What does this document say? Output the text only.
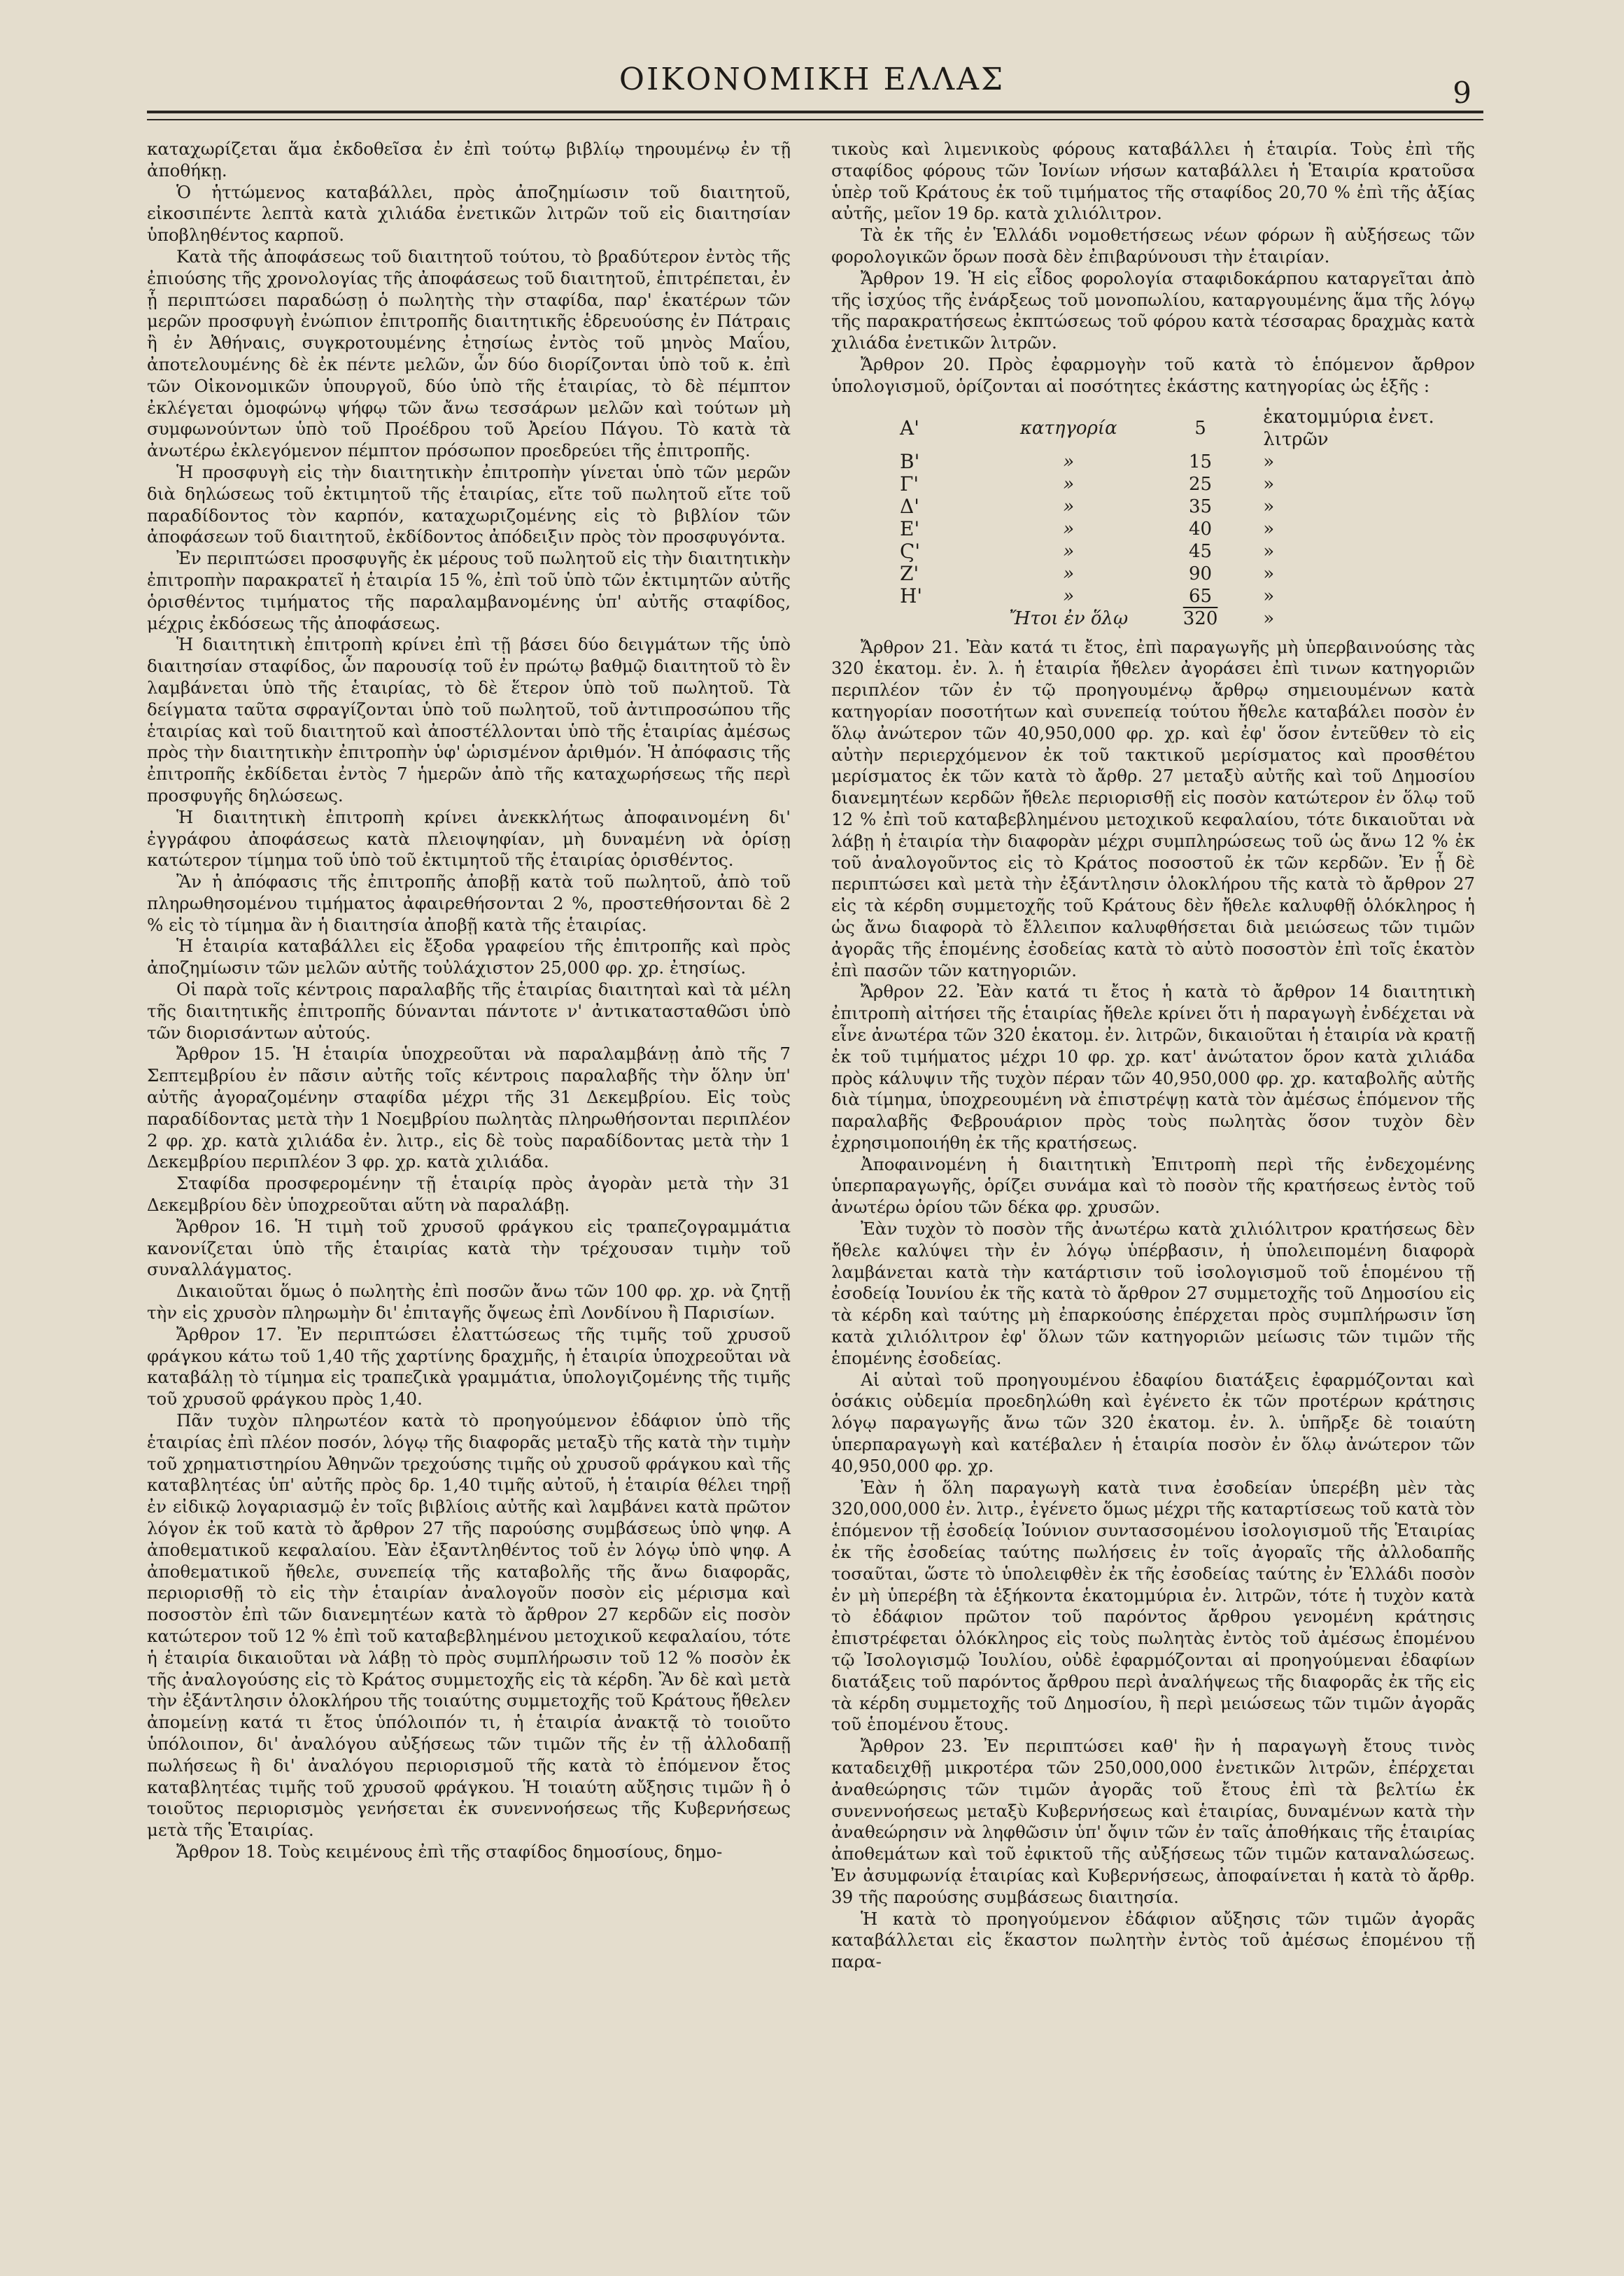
ΟΙΚΟΝΟΜΙΚΗ ΕΛΛΑΣ	9

καταχωρίζεται ἅμα ἐκδοθεῖσα ἐν ἐπὶ τούτῳ βιβλίῳ τηρουμένῳ ἐν τῇ ἀποθήκῃ.

Ὁ ἡττώμενος καταβάλλει, πρὸς ἀποζημίωσιν τοῦ διαιτητοῦ, εἰκοσιπέντε λεπτὰ κατὰ χιλιάδα ἐνετικῶν λιτρῶν τοῦ εἰς διαιτησίαν ὑποβληθέντος καρποῦ.

Κατὰ τῆς ἀποφάσεως τοῦ διαιτητοῦ τούτου, τὸ βραδύτερον ἐντὸς τῆς ἐπιούσης τῆς χρονολογίας τῆς ἀποφάσεως τοῦ διαιτητοῦ, ἐπιτρέπεται, ἐν ᾗ περιπτώσει παραδώσῃ ὁ πωλητὴς τὴν σταφίδα, παρ' ἑκατέρων τῶν μερῶν προσφυγὴ ἐνώπιον ἐπιτροπῆς διαιτητικῆς ἑδρευούσης ἐν Πάτραις ἢ ἐν Ἀθήναις, συγκροτουμένης ἐτησίως ἐντὸς τοῦ μηνὸς Μαΐου, ἀποτελουμένης δὲ ἐκ πέντε μελῶν, ὧν δύο διορίζονται ὑπὸ τοῦ κ. ἐπὶ τῶν Οἰκονομικῶν ὑπουργοῦ, δύο ὑπὸ τῆς ἑταιρίας, τὸ δὲ πέμπτον ἐκλέγεται ὁμοφώνῳ ψήφῳ τῶν ἄνω τεσσάρων μελῶν καὶ τούτων μὴ συμφωνούντων ὑπὸ τοῦ Προέδρου τοῦ Ἀρείου Πάγου. Τὸ κατὰ τὰ ἀνωτέρω ἐκλεγόμενον πέμπτον πρόσωπον προεδρεύει τῆς ἐπιτροπῆς.

Ἡ προσφυγὴ εἰς τὴν διαιτητικὴν ἐπιτροπὴν γίνεται ὑπὸ τῶν μερῶν διὰ δηλώσεως τοῦ ἐκτιμητοῦ τῆς ἑταιρίας, εἴτε τοῦ πωλητοῦ εἴτε τοῦ παραδίδοντος τὸν καρπόν, καταχωριζομένης εἰς τὸ βιβλίον τῶν ἀποφάσεων τοῦ διαιτητοῦ, ἐκδίδοντος ἀπόδειξιν πρὸς τὸν προσφυγόντα.

Ἐν περιπτώσει προσφυγῆς ἐκ μέρους τοῦ πωλητοῦ εἰς τὴν διαιτητικὴν ἐπιτροπὴν παρακρατεῖ ἡ ἑταιρία 15 %, ἐπὶ τοῦ ὑπὸ τῶν ἐκτιμητῶν αὐτῆς ὁρισθέντος τιμήματος τῆς παραλαμβανομένης ὑπ' αὐτῆς σταφίδος, μέχρις ἐκδόσεως τῆς ἀποφάσεως.

Ἡ διαιτητικὴ ἐπιτροπὴ κρίνει ἐπὶ τῇ βάσει δύο δειγμάτων τῆς ὑπὸ διαιτησίαν σταφίδος, ὧν παρουσίᾳ τοῦ ἐν πρώτῳ βαθμῷ διαιτητοῦ τὸ ἓν λαμβάνεται ὑπὸ τῆς ἑταιρίας, τὸ δὲ ἕτερον ὑπὸ τοῦ πωλητοῦ. Τὰ δείγματα ταῦτα σφραγίζονται ὑπὸ τοῦ πωλητοῦ, τοῦ ἀντιπροσώπου τῆς ἑταιρίας καὶ τοῦ διαιτητοῦ καὶ ἀποστέλλονται ὑπὸ τῆς ἑταιρίας ἀμέσως πρὸς τὴν διαιτητικὴν ἐπιτροπὴν ὑφ' ὡρισμένον ἀριθμόν. Ἡ ἀπόφασις τῆς ἐπιτροπῆς ἐκδίδεται ἐντὸς 7 ἡμερῶν ἀπὸ τῆς καταχωρήσεως τῆς περὶ προσφυγῆς δηλώσεως.

Ἡ διαιτητικὴ ἐπιτροπὴ κρίνει ἀνεκκλήτως ἀποφαινομένη δι' ἐγγράφου ἀποφάσεως κατὰ πλειοψηφίαν, μὴ δυναμένη νὰ ὁρίσῃ κατώτερον τίμημα τοῦ ὑπὸ τοῦ ἐκτιμητοῦ τῆς ἑταιρίας ὁρισθέντος.

Ἂν ἡ ἀπόφασις τῆς ἐπιτροπῆς ἀποβῇ κατὰ τοῦ πωλητοῦ, ἀπὸ τοῦ πληρωθησομένου τιμήματος ἀφαιρεθήσονται 2 %, προστεθήσονται δὲ 2 % εἰς τὸ τίμημα ἂν ἡ διαιτησία ἀποβῇ κατὰ τῆς ἑταιρίας.

Ἡ ἑταιρία καταβάλλει εἰς ἔξοδα γραφείου τῆς ἐπιτροπῆς καὶ πρὸς ἀποζημίωσιν τῶν μελῶν αὐτῆς τοὐλάχιστον 25,000 φρ. χρ. ἐτησίως.

Οἱ παρὰ τοῖς κέντροις παραλαβῆς τῆς ἑταιρίας διαιτηταὶ καὶ τὰ μέλη τῆς διαιτητικῆς ἐπιτροπῆς δύνανται πάντοτε ν' ἀντικατασταθῶσι ὑπὸ τῶν διορισάντων αὐτούς.

Ἄρθρον 15. Ἡ ἑταιρία ὑποχρεοῦται νὰ παραλαμβάνῃ ἀπὸ τῆς 7 Σεπτεμβρίου ἐν πᾶσιν αὐτῆς τοῖς κέντροις παραλαβῆς τὴν ὅλην ὑπ' αὐτῆς ἀγοραζομένην σταφίδα μέχρι τῆς 31 Δεκεμβρίου. Εἰς τοὺς παραδίδοντας μετὰ τὴν 1 Νοεμβρίου πωλητὰς πληρωθήσονται περιπλέον 2 φρ. χρ. κατὰ χιλιάδα ἐν. λιτρ., εἰς δὲ τοὺς παραδίδοντας μετὰ τὴν 1 Δεκεμβρίου περιπλέον 3 φρ. χρ. κατὰ χιλιάδα.

Σταφίδα προσφερομένην τῇ ἑταιρίᾳ πρὸς ἀγορὰν μετὰ τὴν 31 Δεκεμβρίου δὲν ὑποχρεοῦται αὕτη νὰ παραλάβῃ.

Ἄρθρον 16. Ἡ τιμὴ τοῦ χρυσοῦ φράγκου εἰς τραπεζογραμμάτια κανονίζεται ὑπὸ τῆς ἑταιρίας κατὰ τὴν τρέχουσαν τιμὴν τοῦ συναλλάγματος.

Δικαιοῦται ὅμως ὁ πωλητὴς ἐπὶ ποσῶν ἄνω τῶν 100 φρ. χρ. νὰ ζητῇ τὴν εἰς χρυσὸν πληρωμὴν δι' ἐπιταγῆς ὄψεως ἐπὶ Λονδίνου ἢ Παρισίων.

Ἄρθρον 17. Ἐν περιπτώσει ἐλαττώσεως τῆς τιμῆς τοῦ χρυσοῦ φράγκου κάτω τοῦ 1,40 τῆς χαρτίνης δραχμῆς, ἡ ἑταιρία ὑποχρεοῦται νὰ καταβάλῃ τὸ τίμημα εἰς τραπεζικὰ γραμμάτια, ὑπολογιζομένης τῆς τιμῆς τοῦ χρυσοῦ φράγκου πρὸς 1,40.

Πᾶν τυχὸν πληρωτέον κατὰ τὸ προηγούμενον ἐδάφιον ὑπὸ τῆς ἑταιρίας ἐπὶ πλέον ποσόν, λόγῳ τῆς διαφορᾶς μεταξὺ τῆς κατὰ τὴν τιμὴν τοῦ χρηματιστηρίου Ἀθηνῶν τρεχούσης τιμῆς οὐ χρυσοῦ φράγκου καὶ τῆς καταβλητέας ὑπ' αὐτῆς πρὸς δρ. 1,40 τιμῆς αὐτοῦ, ἡ ἑταιρία θέλει τηρῇ ἐν εἰδικῷ λογαριασμῷ ἐν τοῖς βιβλίοις αὐτῆς καὶ λαμβάνει κατὰ πρῶτον λόγον ἐκ τοῦ κατὰ τὸ ἄρθρον 27 τῆς παρούσης συμβάσεως ὑπὸ ψηφ. Α ἀποθεματικοῦ κεφαλαίου. Ἐὰν ἐξαντληθέντος τοῦ ἐν λόγῳ ὑπὸ ψηφ. Α ἀποθεματικοῦ ἤθελε, συνεπείᾳ τῆς καταβολῆς τῆς ἄνω διαφορᾶς, περιορισθῇ τὸ εἰς τὴν ἑταιρίαν ἀναλογοῦν ποσὸν εἰς μέρισμα καὶ ποσοστὸν ἐπὶ τῶν διανεμητέων κατὰ τὸ ἄρθρον 27 κερδῶν εἰς ποσὸν κατώτερον τοῦ 12 % ἐπὶ τοῦ καταβεβλημένου μετοχικοῦ κεφαλαίου, τότε ἡ ἑταιρία δικαιοῦται νὰ λάβῃ τὸ πρὸς συμπλήρωσιν τοῦ 12 % ποσὸν ἐκ τῆς ἀναλογούσης εἰς τὸ Κράτος συμμετοχῆς εἰς τὰ κέρδη. Ἂν δὲ καὶ μετὰ τὴν ἐξάντλησιν ὁλοκλήρου τῆς τοιαύτης συμμετοχῆς τοῦ Κράτους ἤθελεν ἀπομείνῃ κατά τι ἔτος ὑπόλοιπόν τι, ἡ ἑταιρία ἀνακτᾷ τὸ τοιοῦτο ὑπόλοιπον, δι' ἀναλόγου αὐξήσεως τῶν τιμῶν τῆς ἐν τῇ ἀλλοδαπῇ πωλήσεως ἢ δι' ἀναλόγου περιορισμοῦ τῆς κατὰ τὸ ἑπόμενον ἔτος καταβλητέας τιμῆς τοῦ χρυσοῦ φράγκου. Ἡ τοιαύτη αὔξησις τιμῶν ἢ ὁ τοιοῦτος περιορισμὸς γενήσεται ἐκ συνεννοήσεως τῆς Κυβερνήσεως μετὰ τῆς Ἑταιρίας.

Ἄρθρον 18. Τοὺς κειμένους ἐπὶ τῆς σταφίδος δημοσίους, δημο-

τικοὺς καὶ λιμενικοὺς φόρους καταβάλλει ἡ ἑταιρία. Τοὺς ἐπὶ τῆς σταφίδος φόρους τῶν Ἰονίων νήσων καταβάλλει ἡ Ἑταιρία κρατοῦσα ὑπὲρ τοῦ Κράτους ἐκ τοῦ τιμήματος τῆς σταφίδος 20,70 % ἐπὶ τῆς ἀξίας αὐτῆς, μεῖον 19 δρ. κατὰ χιλιόλιτρον.

Τὰ ἐκ τῆς ἐν Ἑλλάδι νομοθετήσεως νέων φόρων ἢ αὐξήσεως τῶν φορολογικῶν ὅρων ποσὰ δὲν ἐπιβαρύνουσι τὴν ἑταιρίαν.

Ἄρθρον 19. Ἡ εἰς εἶδος φορολογία σταφιδοκάρπου καταργεῖται ἀπὸ τῆς ἰσχύος τῆς ἐνάρξεως τοῦ μονοπωλίου, καταργουμένης ἅμα τῆς λόγῳ τῆς παρακρατήσεως ἐκπτώσεως τοῦ φόρου κατὰ τέσσαρας δραχμὰς κατὰ χιλιάδα ἐνετικῶν λιτρῶν.

Ἄρθρον 20. Πρὸς ἐφαρμογὴν τοῦ κατὰ τὸ ἑπόμενον ἄρθρον ὑπολογισμοῦ, ὁρίζονται αἱ ποσότητες ἑκάστης κατηγορίας ὡς ἑξῆς :

Α'	κατηγορία	5	ἑκατομμύρια ἐνετ. λιτρῶν
Β'	»	15	»
Γ'	»	25	»
Δ'	»	35	»
Ε'	»	40	»
Ϛ'	»	45	»
Ζ'	»	90	»
Η'	»	65	»
	Ἤτοι ἐν ὅλῳ	320	»

Ἄρθρον 21. Ἐὰν κατά τι ἔτος, ἐπὶ παραγωγῆς μὴ ὑπερβαινούσης τὰς 320 ἑκατομ. ἐν. λ. ἡ ἑταιρία ἤθελεν ἀγοράσει ἐπὶ τινων κατηγοριῶν περιπλέον τῶν ἐν τῷ προηγουμένῳ ἄρθρῳ σημειουμένων κατὰ κατηγορίαν ποσοτήτων καὶ συνεπείᾳ τούτου ἤθελε καταβάλει ποσὸν ἐν ὅλῳ ἀνώτερον τῶν 40,950,000 φρ. χρ. καὶ ἐφ' ὅσον ἐντεῦθεν τὸ εἰς αὐτὴν περιερχόμενον ἐκ τοῦ τακτικοῦ μερίσματος καὶ προσθέτου μερίσματος ἐκ τῶν κατὰ τὸ ἄρθρ. 27 μεταξὺ αὐτῆς καὶ τοῦ Δημοσίου διανεμητέων κερδῶν ἤθελε περιορισθῇ εἰς ποσὸν κατώτερον ἐν ὅλῳ τοῦ 12 % ἐπὶ τοῦ καταβεβλημένου μετοχικοῦ κεφαλαίου, τότε δικαιοῦται νὰ λάβῃ ἡ ἑταιρία τὴν διαφορὰν μέχρι συμπληρώσεως τοῦ ὡς ἄνω 12 % ἐκ τοῦ ἀναλογοῦντος εἰς τὸ Κράτος ποσοστοῦ ἐκ τῶν κερδῶν. Ἐν ᾗ δὲ περιπτώσει καὶ μετὰ τὴν ἐξάντλησιν ὁλοκλήρου τῆς κατὰ τὸ ἄρθρον 27 εἰς τὰ κέρδη συμμετοχῆς τοῦ Κράτους δὲν ἤθελε καλυφθῇ ὁλόκληρος ἡ ὡς ἄνω διαφορὰ τὸ ἔλλειπον καλυφθήσεται διὰ μειώσεως τῶν τιμῶν ἀγορᾶς τῆς ἑπομένης ἐσοδείας κατὰ τὸ αὐτὸ ποσοστὸν ἐπὶ τοῖς ἑκατὸν ἐπὶ πασῶν τῶν κατηγοριῶν.

Ἄρθρον 22. Ἐὰν κατά τι ἔτος ἡ κατὰ τὸ ἄρθρον 14 διαιτητικὴ ἐπιτροπὴ αἰτήσει τῆς ἑταιρίας ἤθελε κρίνει ὅτι ἡ παραγωγὴ ἐνδέχεται νὰ εἶνε ἀνωτέρα τῶν 320 ἑκατομ. ἐν. λιτρῶν, δικαιοῦται ἡ ἑταιρία νὰ κρατῇ ἐκ τοῦ τιμήματος μέχρι 10 φρ. χρ. κατ' ἀνώτατον ὅρον κατὰ χιλιάδα πρὸς κάλυψιν τῆς τυχὸν πέραν τῶν 40,950,000 φρ. χρ. καταβολῆς αὐτῆς διὰ τίμημα, ὑποχρεουμένη νὰ ἐπιστρέψῃ κατὰ τὸν ἀμέσως ἑπόμενον τῆς παραλαβῆς Φεβρουάριον πρὸς τοὺς πωλητὰς ὅσον τυχὸν δὲν ἐχρησιμοποιήθη ἐκ τῆς κρατήσεως.

Ἀποφαινομένη ἡ διαιτητικὴ Ἐπιτροπὴ περὶ τῆς ἐνδεχομένης ὑπερπαραγωγῆς, ὁρίζει συνάμα καὶ τὸ ποσὸν τῆς κρατήσεως ἐντὸς τοῦ ἀνωτέρω ὁρίου τῶν δέκα φρ. χρυσῶν.

Ἐὰν τυχὸν τὸ ποσὸν τῆς ἀνωτέρω κατὰ χιλιόλιτρον κρατήσεως δὲν ἤθελε καλύψει τὴν ἐν λόγῳ ὑπέρβασιν, ἡ ὑπολειπομένη διαφορὰ λαμβάνεται κατὰ τὴν κατάρτισιν τοῦ ἰσολογισμοῦ τοῦ ἑπομένου τῇ ἐσοδείᾳ Ἰουνίου ἐκ τῆς κατὰ τὸ ἄρθρον 27 συμμετοχῆς τοῦ Δημοσίου εἰς τὰ κέρδη καὶ ταύτης μὴ ἐπαρκούσης ἐπέρχεται πρὸς συμπλήρωσιν ἴση κατὰ χιλιόλιτρον ἐφ' ὅλων τῶν κατηγοριῶν μείωσις τῶν τιμῶν τῆς ἑπομένης ἐσοδείας.

Αἱ αὐταὶ τοῦ προηγουμένου ἐδαφίου διατάξεις ἐφαρμόζονται καὶ ὁσάκις οὐδεμία προεδηλώθη καὶ ἐγένετο ἐκ τῶν προτέρων κράτησις λόγῳ παραγωγῆς ἄνω τῶν 320 ἑκατομ. ἐν. λ. ὑπῆρξε δὲ τοιαύτη ὑπερπαραγωγὴ καὶ κατέβαλεν ἡ ἑταιρία ποσὸν ἐν ὅλῳ ἀνώτερον τῶν 40,950,000 φρ. χρ.

Ἐὰν ἡ ὅλη παραγωγὴ κατὰ τινα ἐσοδείαν ὑπερέβη μὲν τὰς 320,000,000 ἐν. λιτρ., ἐγένετο ὅμως μέχρι τῆς καταρτίσεως τοῦ κατὰ τὸν ἑπόμενον τῇ ἐσοδείᾳ Ἰούνιον συντασσομένου ἰσολογισμοῦ τῆς Ἑταιρίας ἐκ τῆς ἐσοδείας ταύτης πωλήσεις ἐν τοῖς ἀγοραῖς τῆς ἀλλοδαπῆς τοσαῦται, ὥστε τὸ ὑπολειφθὲν ἐκ τῆς ἐσοδείας ταύτης ἐν Ἑλλάδι ποσὸν ἐν μὴ ὑπερέβη τὰ ἑξήκοντα ἑκατομμύρια ἐν. λιτρῶν, τότε ἡ τυχὸν κατὰ τὸ ἐδάφιον πρῶτον τοῦ παρόντος ἄρθρου γενομένη κράτησις ἐπιστρέφεται ὁλόκληρος εἰς τοὺς πωλητὰς ἐντὸς τοῦ ἀμέσως ἑπομένου τῷ Ἰσολογισμῷ Ἰουλίου, οὐδὲ ἐφαρμόζονται αἱ προηγούμεναι ἐδαφίων διατάξεις τοῦ παρόντος ἄρθρου περὶ ἀναλήψεως τῆς διαφορᾶς ἐκ τῆς εἰς τὰ κέρδη συμμετοχῆς τοῦ Δημοσίου, ἢ περὶ μειώσεως τῶν τιμῶν ἀγορᾶς τοῦ ἑπομένου ἔτους.

Ἄρθρον 23. Ἐν περιπτώσει καθ' ἣν ἡ παραγωγὴ ἔτους τινὸς καταδειχθῇ μικροτέρα τῶν 250,000,000 ἐνετικῶν λιτρῶν, ἐπέρχεται ἀναθεώρησις τῶν τιμῶν ἀγορᾶς τοῦ ἔτους ἐπὶ τὰ βελτίω ἐκ συνεννοήσεως μεταξὺ Κυβερνήσεως καὶ ἑταιρίας, δυναμένων κατὰ τὴν ἀναθεώρησιν νὰ ληφθῶσιν ὑπ' ὄψιν τῶν ἐν ταῖς ἀποθήκαις τῆς ἑταιρίας ἀποθεμάτων καὶ τοῦ ἐφικτοῦ τῆς αὐξήσεως τῶν τιμῶν καταναλώσεως. Ἐν ἀσυμφωνίᾳ ἑταιρίας καὶ Κυβερνήσεως, ἀποφαίνεται ἡ κατὰ τὸ ἄρθρ. 39 τῆς παρούσης συμβάσεως διαιτησία.

Ἡ κατὰ τὸ προηγούμενον ἐδάφιον αὔξησις τῶν τιμῶν ἀγορᾶς καταβάλλεται εἰς ἕκαστον πωλητὴν ἐντὸς τοῦ ἀμέσως ἑπομένου τῇ παρα-
